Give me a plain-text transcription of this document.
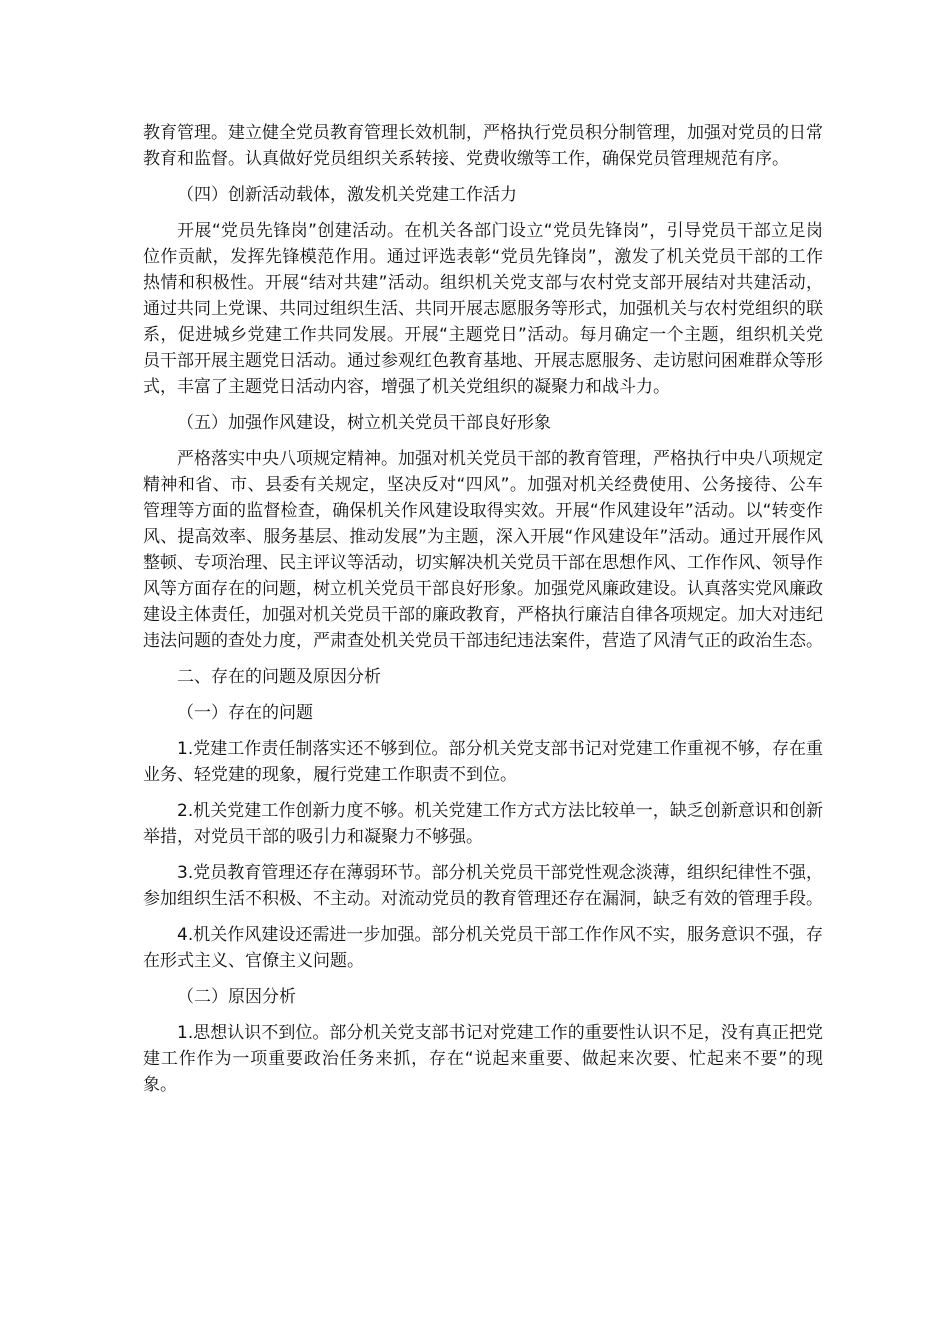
教育管理。建立健全党员教育管理长效机制，严格执行党员积分制管理，加强对党员的日常教育和监督。认真做好党员组织关系转接、党费收缴等工作，确保党员管理规范有序。

（四）创新活动载体，激发机关党建工作活力

开展“党员先锋岗”创建活动。在机关各部门设立“党员先锋岗”，引导党员干部立足岗位作贡献，发挥先锋模范作用。通过评选表彰“党员先锋岗”，激发了机关党员干部的工作热情和积极性。开展“结对共建”活动。组织机关党支部与农村党支部开展结对共建活动，通过共同上党课、共同过组织生活、共同开展志愿服务等形式，加强机关与农村党组织的联系，促进城乡党建工作共同发展。开展“主题党日”活动。每月确定一个主题，组织机关党员干部开展主题党日活动。通过参观红色教育基地、开展志愿服务、走访慰问困难群众等形式，丰富了主题党日活动内容，增强了机关党组织的凝聚力和战斗力。

（五）加强作风建设，树立机关党员干部良好形象

严格落实中央八项规定精神。加强对机关党员干部的教育管理，严格执行中央八项规定精神和省、市、县委有关规定，坚决反对“四风”。加强对机关经费使用、公务接待、公车管理等方面的监督检查，确保机关作风建设取得实效。开展“作风建设年”活动。以“转变作风、提高效率、服务基层、推动发展”为主题，深入开展“作风建设年”活动。通过开展作风整顿、专项治理、民主评议等活动，切实解决机关党员干部在思想作风、工作作风、领导作风等方面存在的问题，树立机关党员干部良好形象。加强党风廉政建设。认真落实党风廉政建设主体责任，加强对机关党员干部的廉政教育，严格执行廉洁自律各项规定。加大对违纪违法问题的查处力度，严肃查处机关党员干部违纪违法案件，营造了风清气正的政治生态。

二、存在的问题及原因分析

（一）存在的问题

1.党建工作责任制落实还不够到位。部分机关党支部书记对党建工作重视不够，存在重业务、轻党建的现象，履行党建工作职责不到位。

2.机关党建工作创新力度不够。机关党建工作方式方法比较单一，缺乏创新意识和创新举措，对党员干部的吸引力和凝聚力不够强。

3.党员教育管理还存在薄弱环节。部分机关党员干部党性观念淡薄，组织纪律性不强，参加组织生活不积极、不主动。对流动党员的教育管理还存在漏洞，缺乏有效的管理手段。

4.机关作风建设还需进一步加强。部分机关党员干部工作作风不实，服务意识不强，存在形式主义、官僚主义问题。

（二）原因分析

1.思想认识不到位。部分机关党支部书记对党建工作的重要性认识不足，没有真正把党建工作作为一项重要政治任务来抓，存在“说起来重要、做起来次要、忙起来不要”的现象。
